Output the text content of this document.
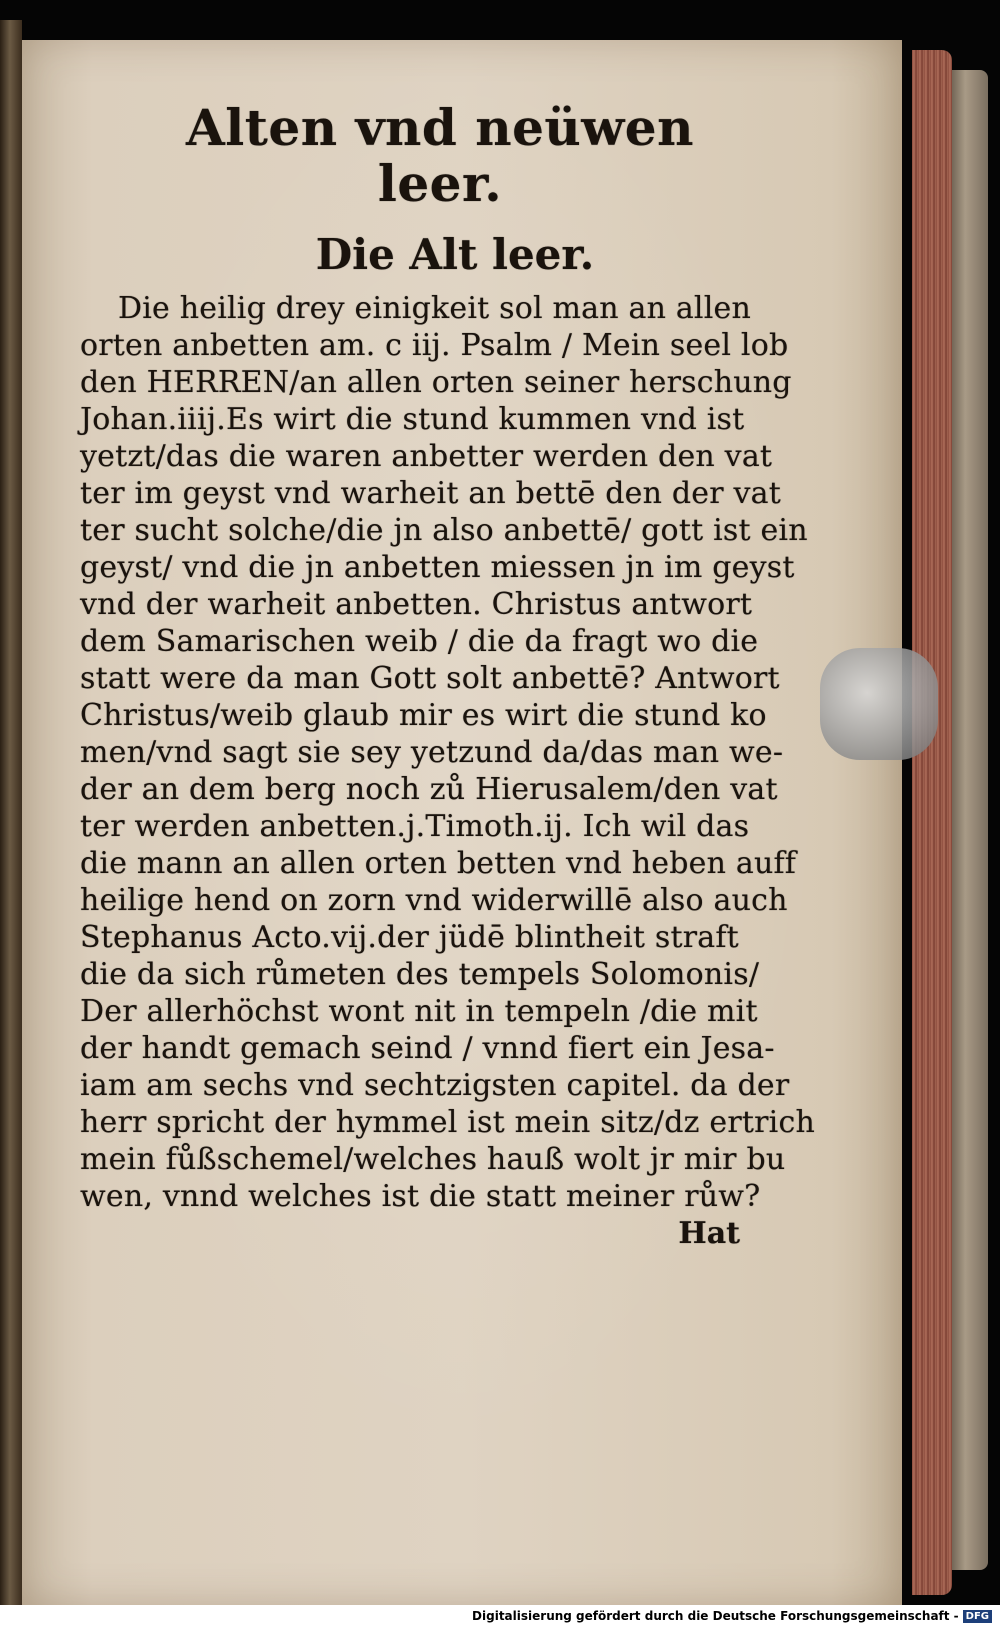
Alten vnd neüwen leer.
Die Alt leer.
Die heilig drey einigkeit sol man an allen
orten anbetten am. c iij. Psalm / Mein seel lob
den HERREN/an allen orten seiner herschung
Johan.iiij.Es wirt die stund kummen vnd ist
yetzt/das die waren anbetter werden den vat
ter im geyst vnd warheit an bettē den der vat
ter sucht solche/die jn also anbettē/ gott ist ein
geyst/ vnd die jn anbetten miessen jn im geyst
vnd der warheit anbetten. Christus antwort
dem Samarischen weib / die da fragt wo die
statt were da man Gott solt anbettē? Antwort
Christus/weib glaub mir es wirt die stund ko
men/vnd sagt sie sey yetzund da/das man we-
der an dem berg noch zů Hierusalem/den vat
ter werden anbetten.j.Timoth.ij. Ich wil das
die mann an allen orten betten vnd heben auff
heilige hend on zorn vnd widerwillē also auch
Stephanus Acto.vij.der jüdē blintheit straft
die da sich růmeten des tempels Solomonis/
Der allerhöchst wont nit in tempeln /die mit
der handt gemach seind / vnnd fiert ein Jesa-
iam am sechs vnd sechtzigsten capitel. da der
herr spricht der hymmel ist mein sitz/dz ertrich
mein fůßschemel/welches hauß wolt jr mir bu
wen, vnnd welches ist die statt meiner růw?
Hat
Digitalisierung gefördert durch die Deutsche Forschungsgemeinschaft - DFG
